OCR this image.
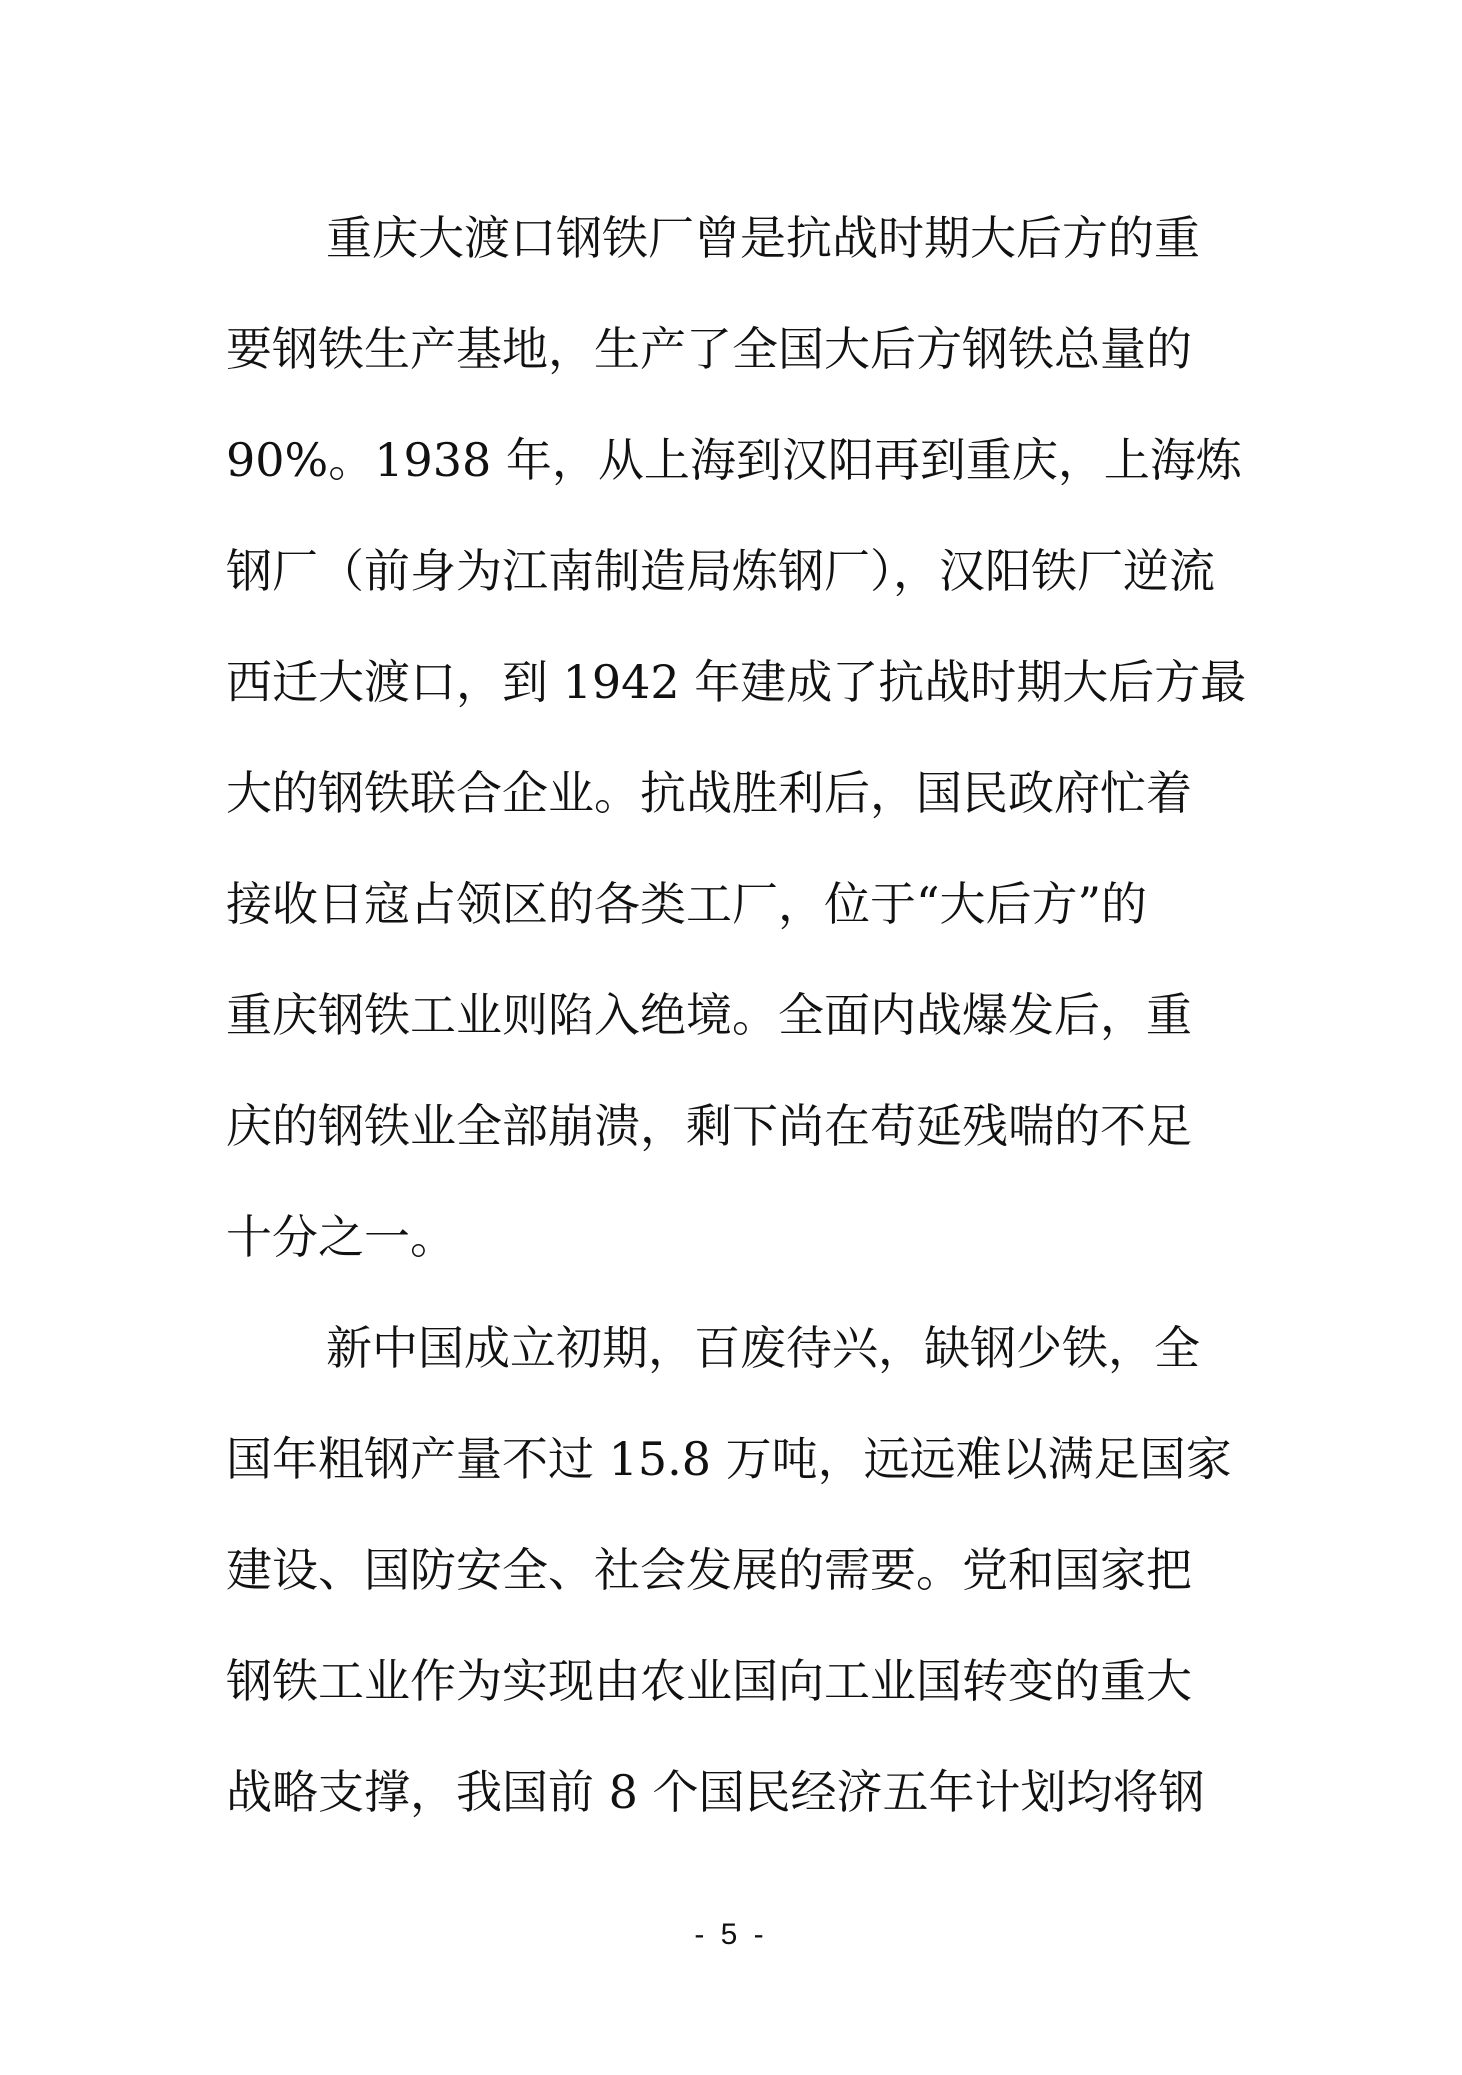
重庆大渡口钢铁厂曾是抗战时期大后方的重
要钢铁生产基地，生产了全国大后方钢铁总量的
90%。1938 年，从上海到汉阳再到重庆，上海炼
钢厂（前身为江南制造局炼钢厂），汉阳铁厂逆流
西迁大渡口，到 1942 年建成了抗战时期大后方最
大的钢铁联合企业。抗战胜利后，国民政府忙着
接收日寇占领区的各类工厂，位于“大后方”的
重庆钢铁工业则陷入绝境。全面内战爆发后，重
庆的钢铁业全部崩溃，剩下尚在苟延残喘的不足
十分之一。
新中国成立初期，百废待兴，缺钢少铁，全
国年粗钢产量不过 15.8 万吨，远远难以满足国家
建设、国防安全、社会发展的需要。党和国家把
钢铁工业作为实现由农业国向工业国转变的重大
战略支撑，我国前 8 个国民经济五年计划均将钢
- 5 -
